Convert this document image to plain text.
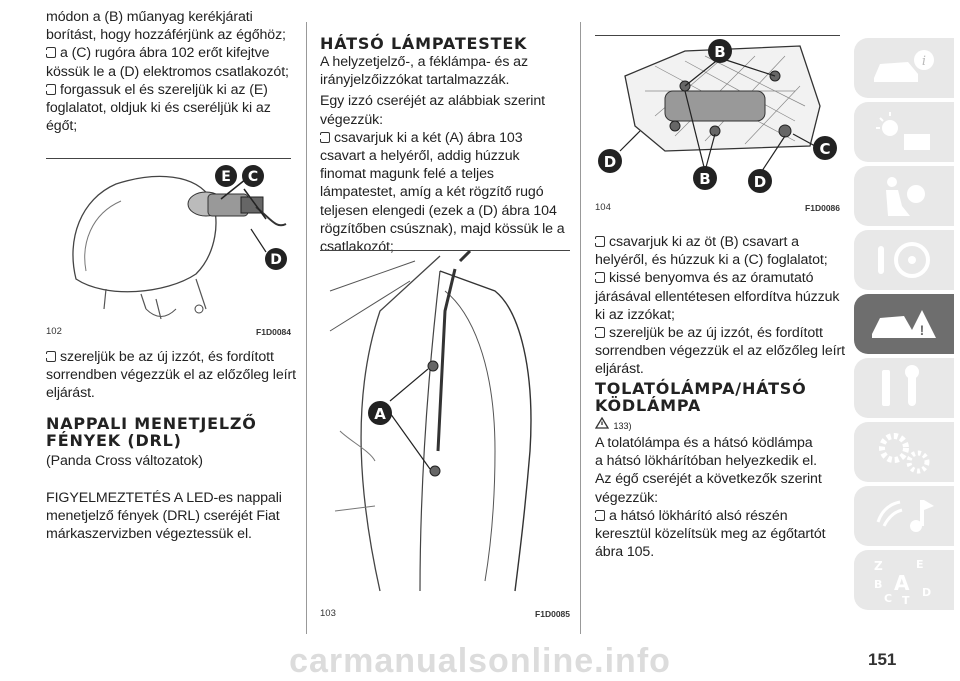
módon a (B) műanyag kerékjárati
borítást, hogy hozzáférjünk az égőhöz;
a (C) rugóra ábra 102 erőt kifejtve
kössük le a (D) elektromos csatlakozót;
forgassuk el és szereljük ki az (E)
foglalatot, oldjuk ki és cseréljük ki az
égőt;

E C
D
102	F1D0084

szereljük be az új izzót, és fordított
sorrendben végezzük el az előzőleg leírt
eljárást.

NAPPALI MENETJELZŐ
FÉNYEK (DRL)

(Panda Cross változatok)

FIGYELMEZTETÉS A LED-es nappali
menetjelző fények (DRL) cseréjét Fiat
márkaszervizben végeztessük el.

HÁTSÓ LÁMPATESTEK

A helyzetjelző-, a féklámpa- és az
irányjelzőizzókat tartalmazzák.
Egy izzó cseréjét az alábbiak szerint
végezzük:
csavarjuk ki a két (A) ábra 103
csavart a helyéről, addig húzzuk
finomat magunk felé a teljes
lámpatestet, amíg a két rögzítő rugó
teljesen elengedi (ezek a (D) ábra 104
rögzítőben csúsznak), majd kössük le a
csatlakozót;

A
103	F1D0085
B
D
B	D
C
104	F1D0086

csavarjuk ki az öt (B) csavart a
helyéről, és húzzuk ki a (C) foglalatot;
kissé benyomva és az óramutató
járásával ellentétesen elfordítva húzzuk
ki az izzókat;
szereljük be az új izzót, és fordított
sorrendben végezzük el az előzőleg leírt
eljárást.

TOLATÓLÁMPA/HÁTSÓ
KÖDLÁMPA
133)

A tolatólámpa és a hátsó ködlámpa
a hátsó lökhárítóban helyezkedik el.
Az égő cseréjét a következők szerint
végezzük:
a hátsó lökhárító alsó részén
keresztül közelítsük meg az égőtartót
ábra 105.

i
!
Z	E
B A
C T
D
carmanualsonline.info	151
